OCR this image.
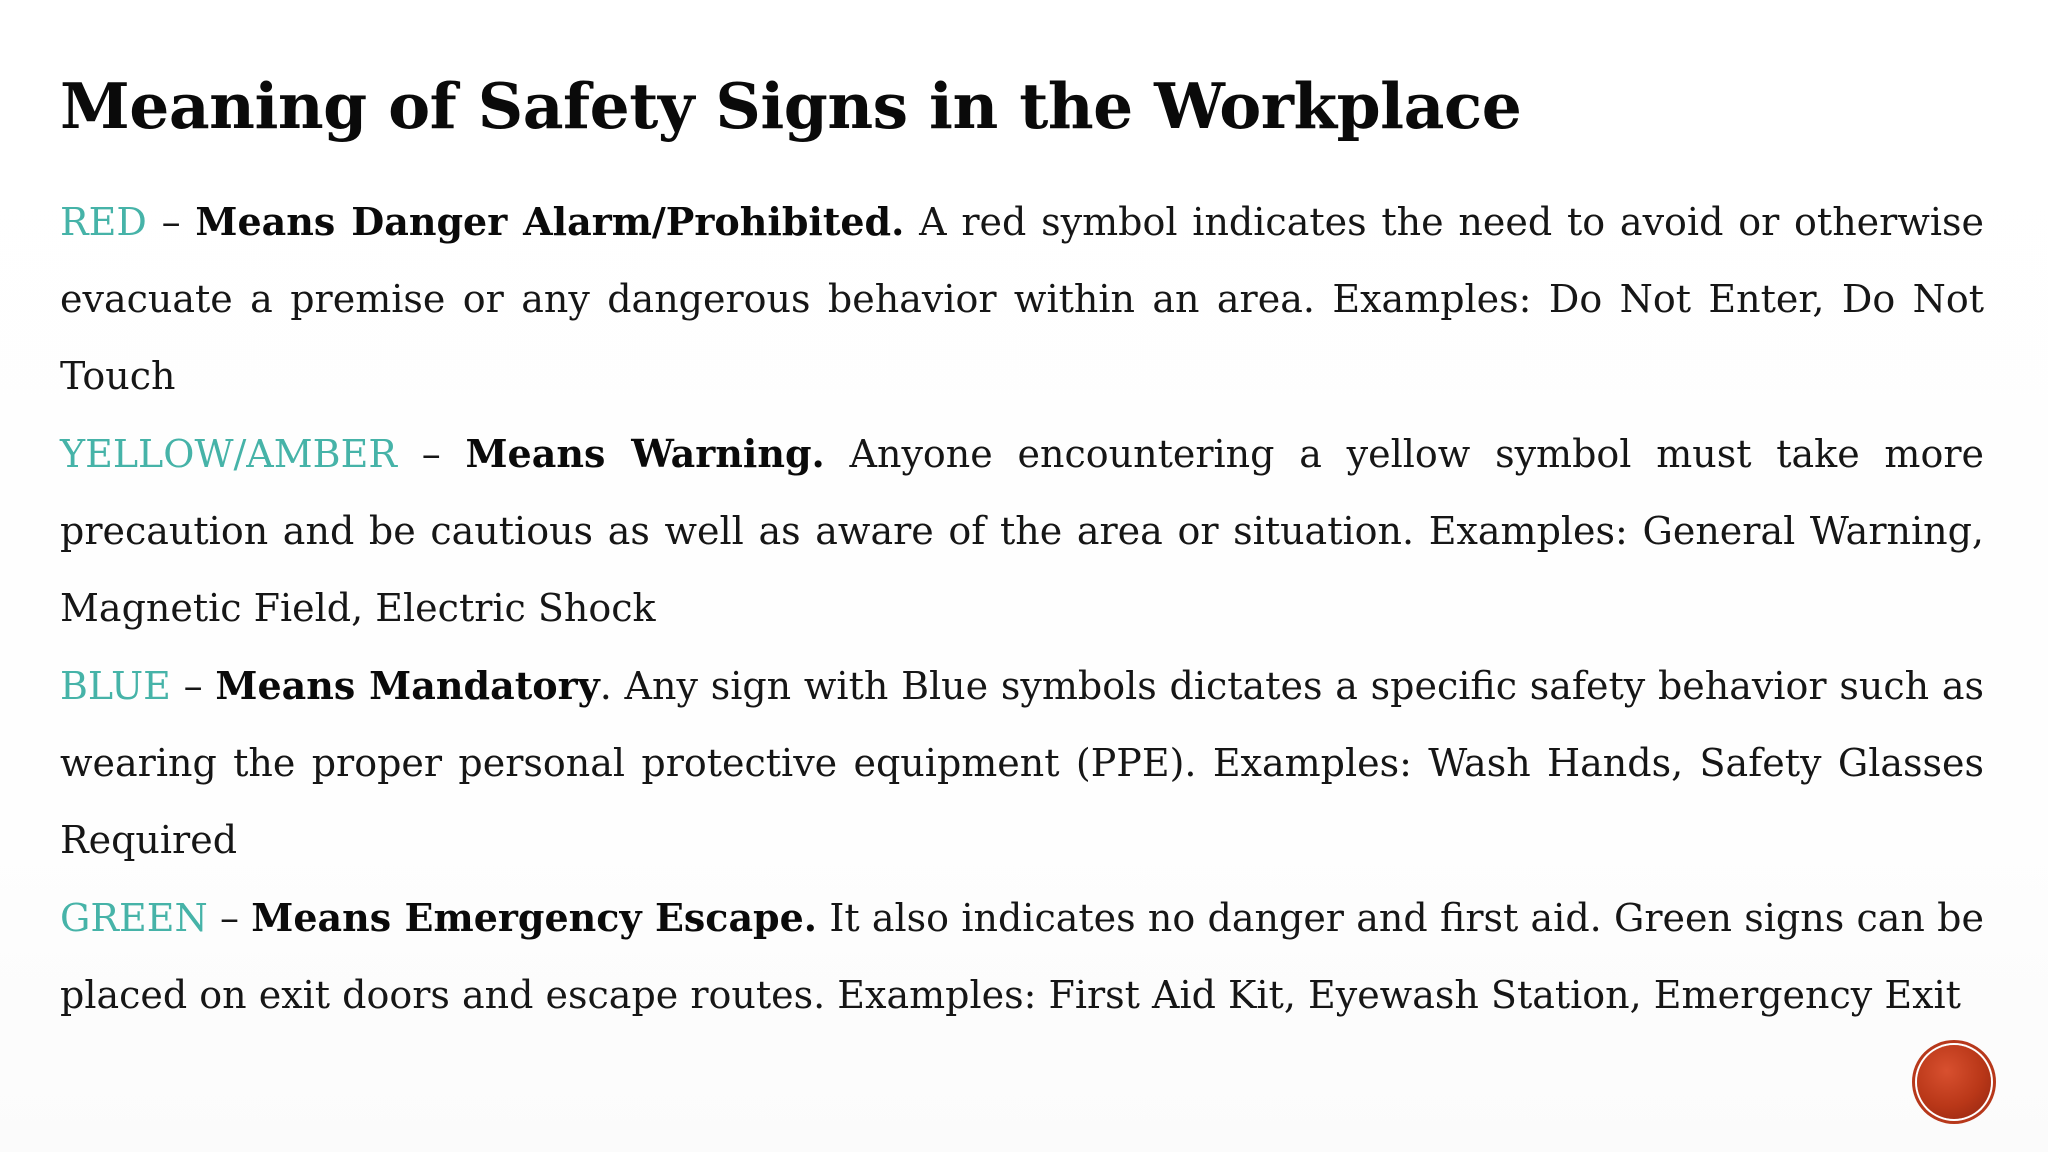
Meaning of Safety Signs in the Workplace

RED – Means Danger Alarm/Prohibited. A red symbol indicates the need to avoid or otherwise evacuate a premise or any dangerous behavior within an area. Examples: Do Not Enter, Do Not Touch

YELLOW/AMBER – Means Warning. Anyone encountering a yellow symbol must take more precaution and be cautious as well as aware of the area or situation. Examples: General Warning, Magnetic Field, Electric Shock

BLUE – Means Mandatory. Any sign with Blue symbols dictates a specific safety behavior such as wearing the proper personal protective equipment (PPE). Examples: Wash Hands, Safety Glasses Required

GREEN – Means Emergency Escape. It also indicates no danger and first aid. Green signs can be placed on exit doors and escape routes. Examples: First Aid Kit, Eyewash Station, Emergency Exit
